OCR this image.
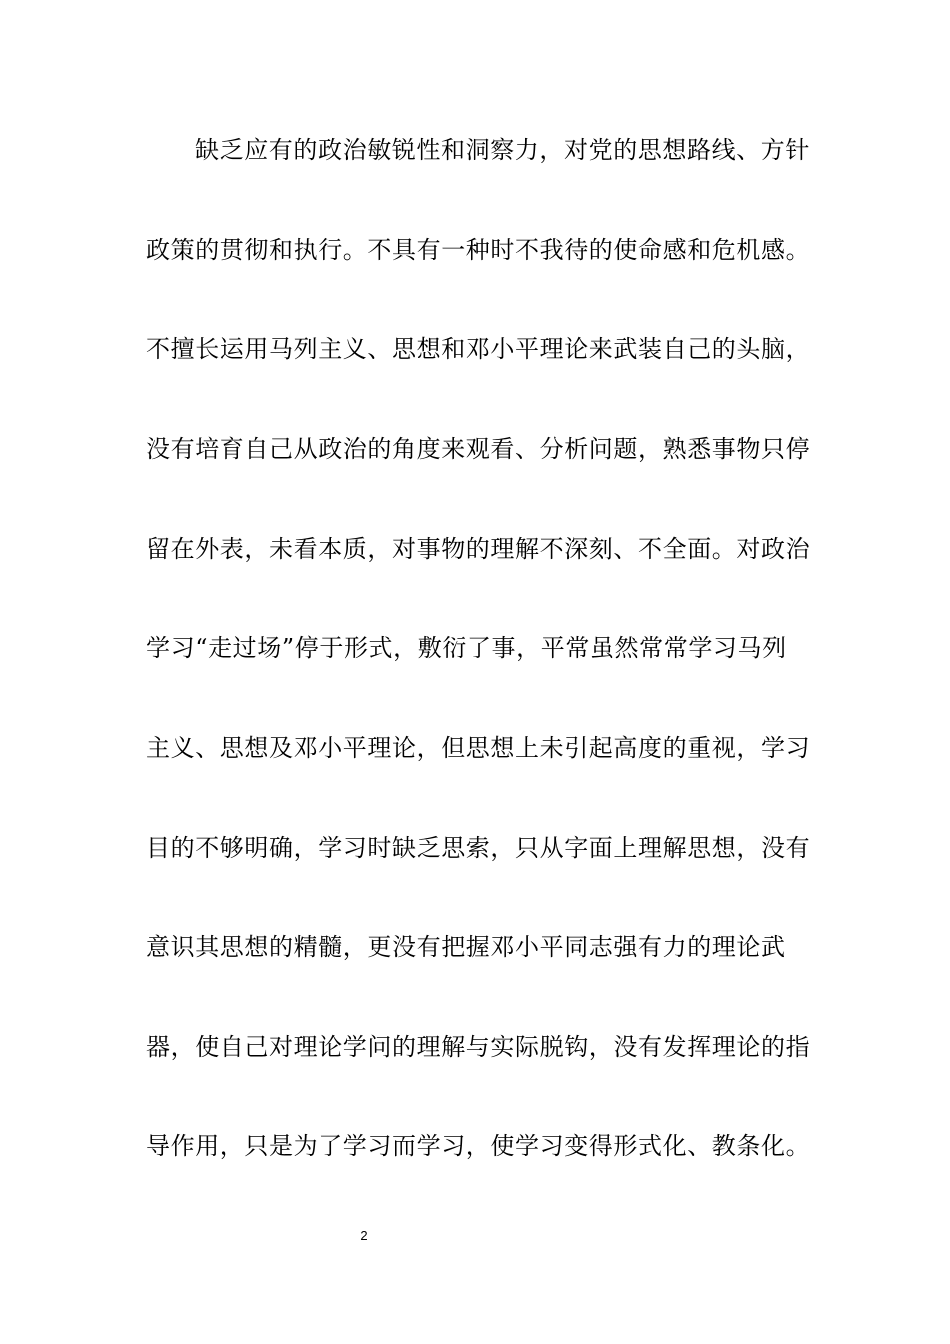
缺乏应有的政治敏锐性和洞察力，对党的思想路线、方针
政策的贯彻和执行。不具有一种时不我待的使命感和危机感。
不擅长运用马列主义、思想和邓小平理论来武装自己的头脑，
没有培育自己从政治的角度来观看、分析问题，熟悉事物只停
留在外表，未看本质，对事物的理解不深刻、不全面。对政治
学习“走过场”停于形式，敷衍了事，平常虽然常常学习马列
主义、思想及邓小平理论，但思想上未引起高度的重视，学习
目的不够明确，学习时缺乏思索，只从字面上理解思想，没有
意识其思想的精髓，更没有把握邓小平同志强有力的理论武
器，使自己对理论学问的理解与实际脱钩，没有发挥理论的指
导作用，只是为了学习而学习，使学习变得形式化、教条化。
2
